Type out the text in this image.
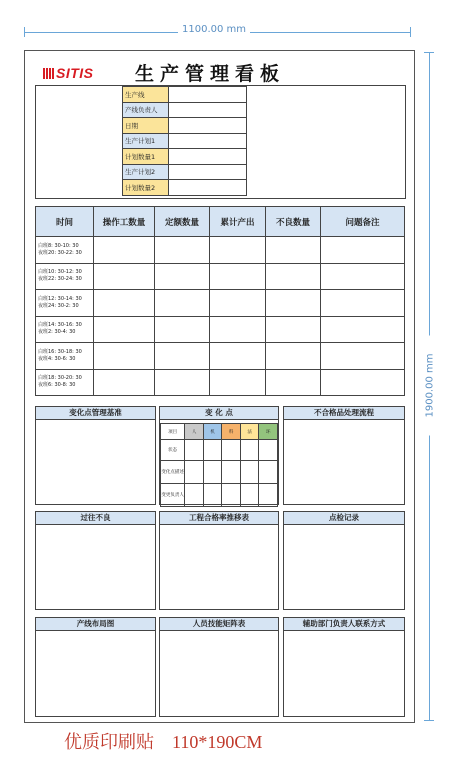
1100.00 mm
1900.00 mm
SITIS 生产管理看板
生产线	
产线负责人	
日期	
生产计划1	
计划数量1	
生产计划2	
计划数量2	
时间	操作工数量	定额数量	累计产出	不良数量	问题备注

白班8: 30-10: 30
夜班20: 30-22: 30					

白班10: 30-12: 30
夜班22: 30-24: 30					

白班12: 30-14: 30
夜班24: 30-2: 30					

白班14: 30-16: 30
夜班2: 30-4: 30					

白班16: 30-18: 30
夜班4: 30-6: 30					

白班18: 30-20: 30
夜班6: 30-8: 30					

变化点管理基准	变 化 点
项目	人	机	料	法	环
状态					
变化点描述					
变更负责人					
不合格品处理流程
过往不良	工程合格率推移表	点检记录
产线布局图	人员技能矩阵表	辅助部门负责人联系方式
优质印刷贴 110*190CM
